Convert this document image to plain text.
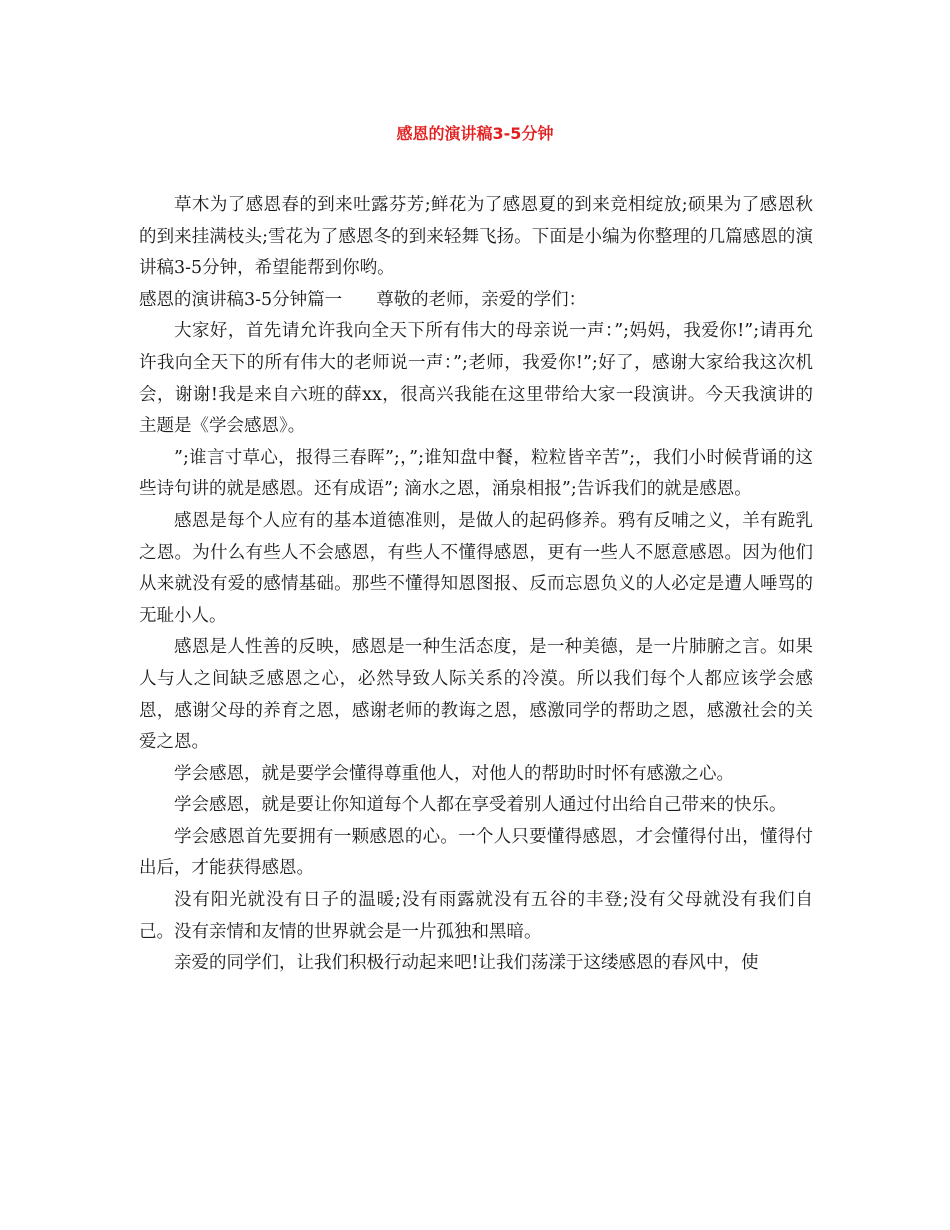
感恩的演讲稿3-5分钟

草木为了感恩春的到来吐露芬芳;鲜花为了感恩夏的到来竞相绽放;硕果为了感恩秋的到来挂满枝头;雪花为了感恩冬的到来轻舞飞扬。下面是小编为你整理的几篇感恩的演讲稿3-5分钟，希望能帮到你哟。

感恩的演讲稿3-5分钟篇一 尊敬的老师，亲爱的学们：

大家好，首先请允许我向全天下所有伟大的母亲说一声：”;妈妈，我爱你!”;请再允许我向全天下的所有伟大的老师说一声：”;老师，我爱你!”;好了，感谢大家给我这次机会，谢谢!我是来自六班的薛xx，很高兴我能在这里带给大家一段演讲。今天我演讲的主题是《学会感恩》。

”;谁言寸草心，报得三春晖”;，”;谁知盘中餐，粒粒皆辛苦”;，我们小时候背诵的这些诗句讲的就是感恩。还有成语”; 滴水之恩，涌泉相报”;告诉我们的就是感恩。

感恩是每个人应有的基本道德准则，是做人的起码修养。鸦有反哺之义，羊有跪乳之恩。为什么有些人不会感恩，有些人不懂得感恩，更有一些人不愿意感恩。因为他们从来就没有爱的感情基础。那些不懂得知恩图报、反而忘恩负义的人必定是遭人唾骂的无耻小人。

感恩是人性善的反映，感恩是一种生活态度，是一种美德，是一片肺腑之言。如果人与人之间缺乏感恩之心，必然导致人际关系的冷漠。所以我们每个人都应该学会感恩，感谢父母的养育之恩，感谢老师的教诲之恩，感激同学的帮助之恩，感激社会的关爱之恩。

学会感恩，就是要学会懂得尊重他人，对他人的帮助时时怀有感激之心。

学会感恩，就是要让你知道每个人都在享受着别人通过付出给自己带来的快乐。

学会感恩首先要拥有一颗感恩的心。一个人只要懂得感恩，才会懂得付出，懂得付出后，才能获得感恩。

没有阳光就没有日子的温暖;没有雨露就没有五谷的丰登;没有父母就没有我们自己。没有亲情和友情的世界就会是一片孤独和黑暗。

亲爱的同学们，让我们积极行动起来吧!让我们荡漾于这缕感恩的春风中，使
